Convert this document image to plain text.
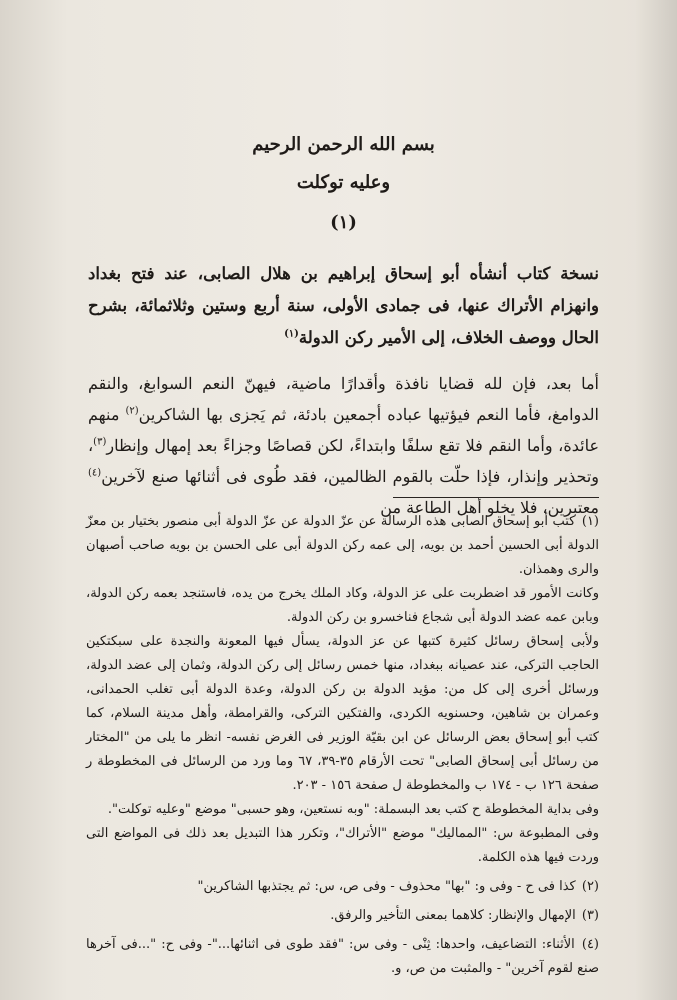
بسم الله الرحمن الرحيم

وعليه توكلت

(١)

نسخة كتاب أنشأه أبو إسحاق إبراهيم بن هلال الصابى، عند فتح بغداد وانهزام الأتراك عنها، فى جمادى الأولى، سنة أربع وستين وثلاثمائة، بشرح الحال ووصف الخلاف، إلى الأمير ركن الدولة$^{(١)}$

أما بعد، فإن لله قضايا نافذة وأقدارًا ماضية، فيهنّ النعم السوابغ، والنقم الدوامغ، فأما النعم فيؤتيها عباده أجمعين بادئة، ثم يَجزى بها الشاكرين$^{(٢)}$ منهم عائدة، وأما النقم فلا تقع سلفًا وابتداءً، لكن قصاصًا وجزاءً بعد إمهال وإنظار$^{(٣)}$، وتحذير وإنذار، فإذا حلّت بالقوم الظالمين، فقد طُوى فى أثنائها صنع لآخرين$^{(٤)}$ معتبرين، فلا يخلو أهل الطاعة من

(١) كتب أبو إسحاق الصابى هذه الرسالة عن عزّ الدولة عن عزّ الدولة أبى منصور بختيار بن معزّ الدولة أبى الحسين أحمد بن بويه، إلى عمه ركن الدولة أبى على الحسن بن بويه صاحب أصبهان والرى وهمذان.

وكانت الأمور قد اضطربت على عز الدولة، وكاد الملك يخرج من يده، فاستنجد بعمه ركن الدولة، وبابن عمه عضد الدولة أبى شجاع فناخسرو بن ركن الدولة.

ولأبى إسحاق رسائل كثيرة كتبها عن عز الدولة، يسأل فيها المعونة والنجدة على سبكتكين الحاجب التركى، عند عصيانه ببغداد، منها خمس رسائل إلى ركن الدولة، وثمان إلى عضد الدولة، ورسائل أخرى إلى كل من: مؤيد الدولة بن ركن الدولة، وعدة الدولة أبى تغلب الحمدانى، وعمران بن شاهين، وحسنويه الكردى، والفتكين التركى، والقرامطة، وأهل مدينة السلام، كما كتب أبو إسحاق بعض الرسائل عن ابن بقيّة الوزير فى الغرض نفسه- انظر ما يلى من "المختار من رسائل أبى إسحاق الصابى" تحت الأرقام ٣٥-٣٩، ٦٧ وما ورد من الرسائل فى المخطوطة ر صفحة ١٢٦ ب - ١٧٤ ب والمخطوطة ل صفحة ١٥٦ - ٢٠٣.

وفى بداية المخطوطة ح كتب بعد البسملة: "وبه نستعين، وهو حسبى" موضع "وعليه توكلت".

وفى المطبوعة س: "المماليك" موضع "الأتراك"، وتكرر هذا التبديل بعد ذلك فى المواضع التى وردت فيها هذه الكلمة.

(٢) كذا فى ح - وفى و: "بها" محذوف - وفى ص، س: ثم يجتذبها الشاكرين"

(٣) الإمهال والإنظار: كلاهما بمعنى التأخير والرفق.

(٤) الأثناء: التضاعيف، واحدها: ثِنْى - وفى س: "فقد طوى فى اثنائها..."- وفى ح: "...فى آخرها صنع لقوم آخرين" - والمثبت من ص، و.
